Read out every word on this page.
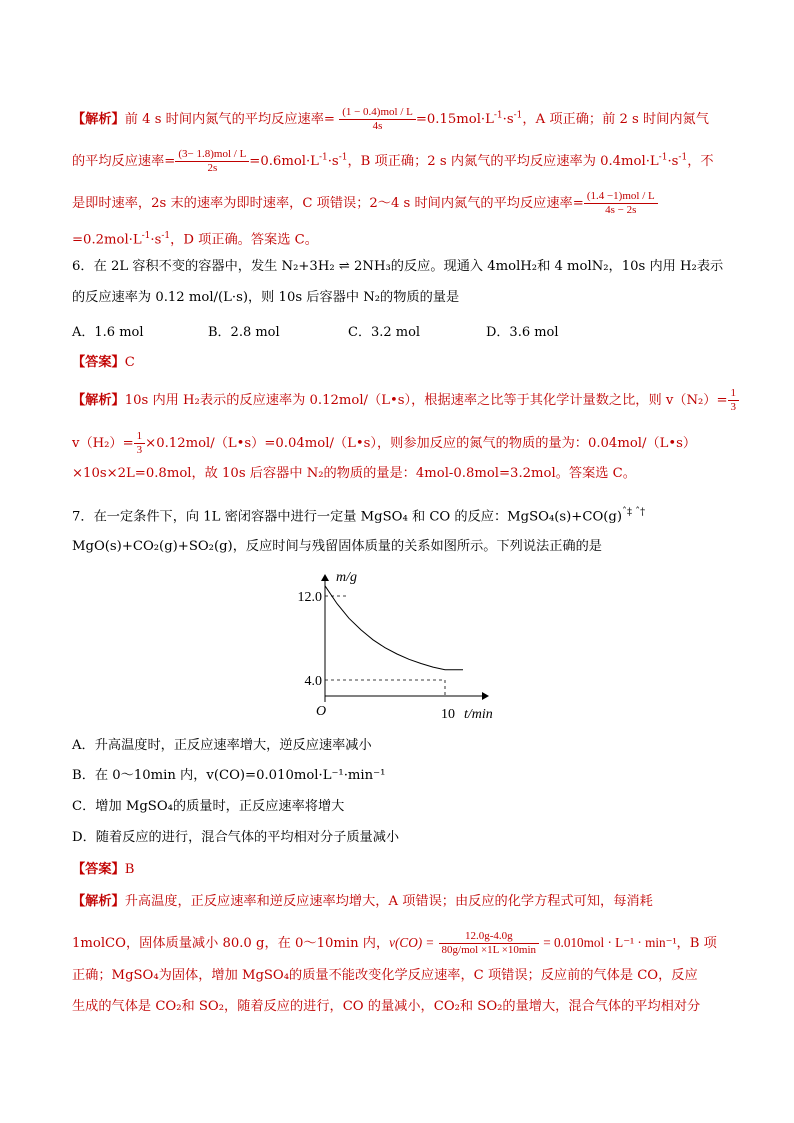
【解析】前 4 s 时间内氮气的平均反应速率= $\frac{\text{(1 − 0.4)mol / L}}{4s} =0.15mol\cdot L^{-1}\cdot s^{-1}$，A 项正确；前 2 s 时间内氮气
的平均反应速率= $\frac{\text{(3− 1.8)mol / L}}{2s} =0.6mol\cdot L^{-1}\cdot s^{-1}$，B 项正确；2 s 内氮气的平均反应速率为 $0.4mol\cdot L^{-1}\cdot s^{-1}$，不
是即时速率，2s 末的速率为即时速率，C 项错误；2～4 s 时间内氮气的平均反应速率= $\frac{\text{(1.4 −1)mol / L}}{4s - 2s}$
$=0.2mol\cdot L^{-1}\cdot s^{-1}$，D 项正确。答案选 C。
6．在 2L 容积不变的容器中，发生 N₂+3H₂ ⇌ 2NH₃的反应。现通入 4molH₂和 4 molN₂，10s 内用 H₂表示
的反应速率为 0.12 mol/(L·s)，则 10s 后容器中 N₂的物质的量是
A．1.6 mol	B．2.8 mol	C．3.2 mol	D．3.6 mol
【答案】C
【解析】10s 内用 H₂表示的反应速率为 0.12mol/（L•s），根据速率之比等于其化学计量数之比，则 $v(N_2)= \frac{1}{3}$
$v(H_2)= \frac{1}{3}$ ×0.12mol/（L•s）=0.04mol/（L•s），则参加反应的氮气的物质的量为：0.04mol/（L•s）
×10s×2L=0.8mol，故 10s 后容器中 N₂的物质的量是：4mol-0.8mol=3.2mol。答案选 C。
7．在一定条件下，向 1L 密闭容器中进行一定量 MgSO₄ 和 CO 的反应：$MgSO_4(s)+CO(g)^{ˆ\ddagger ˆ\dagger}$
MgO(s)+CO₂(g)+SO₂(g)，反应时间与残留固体质量的关系如图所示。下列说法正确的是
m/g
t/min
O
12.0
4.0
10
A．升高温度时，正反应速率增大，逆反应速率减小
B．在 0～10min 内，v(CO)=0.010mol·L⁻¹·min⁻¹
C．增加 MgSO₄的质量时，正反应速率将增大
D．随着反应的进行，混合气体的平均相对分子质量减小
【答案】B
【解析】升高温度，正反应速率和逆反应速率均增大，A 项错误；由反应的化学方程式可知，每消耗
1molCO，固体质量减小 80.0 g，在 0～10min 内，$v(CO) = \frac{12.0g-4.0g}{\text{80g/mol ×1L ×10min}} = 0.010mol \cdot L^{-1} \cdot \min^{-1}$，B 项
正确；MgSO₄为固体，增加 MgSO₄的质量不能改变化学反应速率，C 项错误；反应前的气体是 CO，反应
生成的气体是 CO₂和 SO₂，随着反应的进行，CO 的量减小，CO₂和 SO₂的量增大，混合气体的平均相对分
